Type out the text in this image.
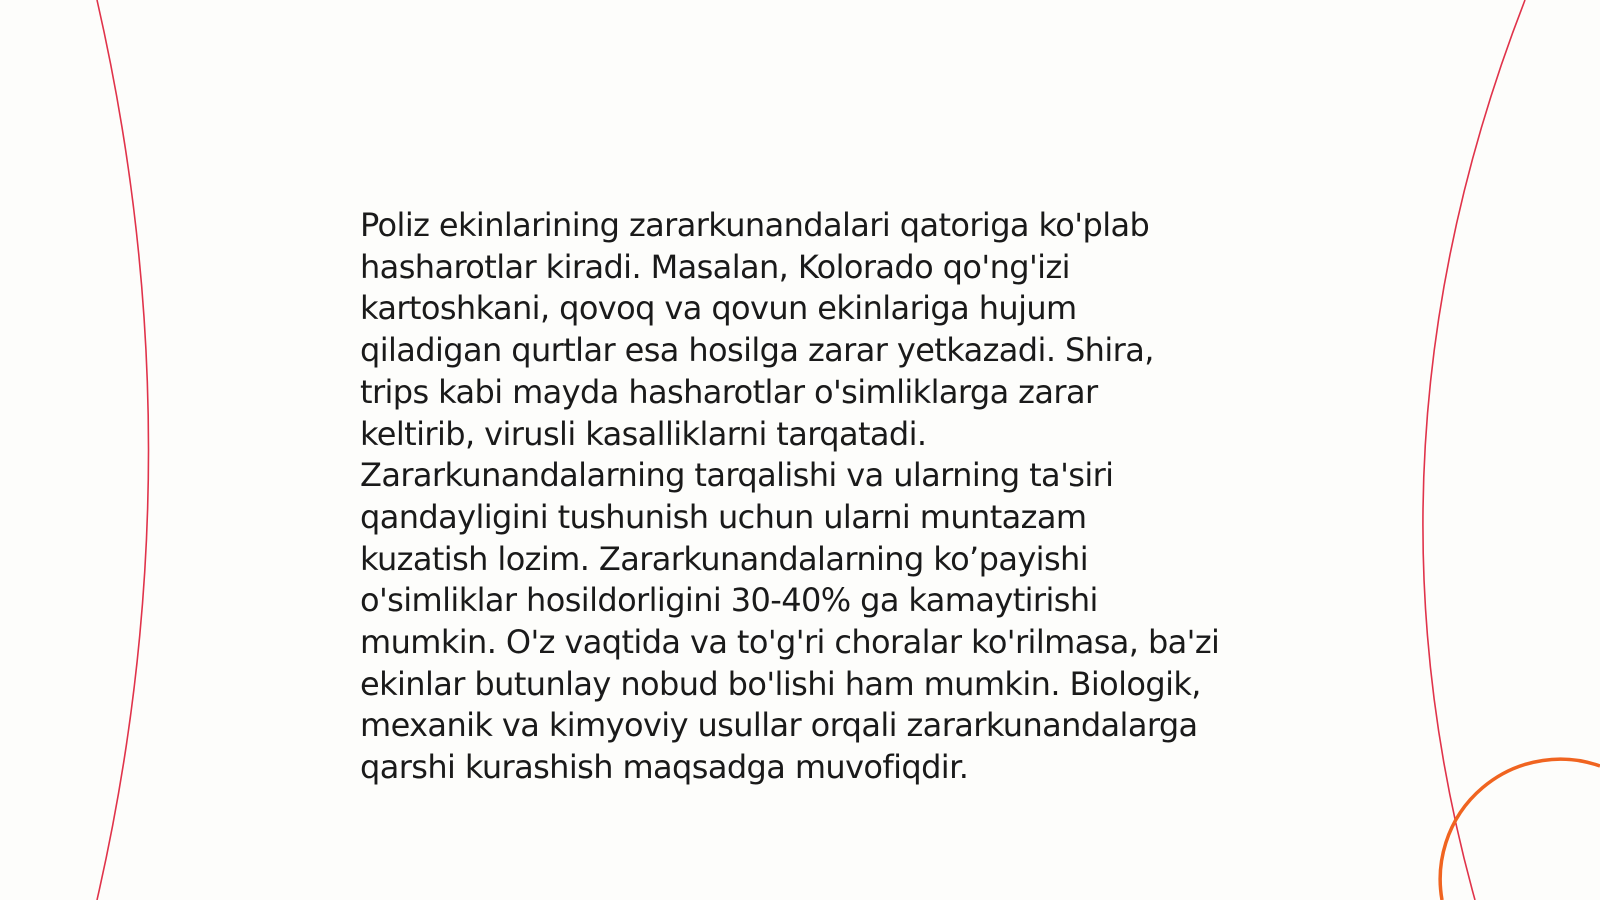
Poliz ekinlarining zararkunandalari qatoriga ko'plab hasharotlar kiradi. Masalan, Kolorado qo'ng'izi kartoshkani, qovoq va qovun ekinlariga hujum qiladigan qurtlar esa hosilga zarar yetkazadi. Shira, trips kabi mayda hasharotlar o'simliklarga zarar keltirib, virusli kasalliklarni tarqatadi. Zararkunandalarning tarqalishi va ularning ta'siri qandayligini tushunish uchun ularni muntazam kuzatish lozim. Zararkunandalarning ko’payishi o'simliklar hosildorligini 30-40% ga kamaytirishi mumkin. O'z vaqtida va to'g'ri choralar ko'rilmasa, ba'zi ekinlar butunlay nobud bo'lishi ham mumkin. Biologik, mexanik va kimyoviy usullar orqali zararkunandalarga qarshi kurashish maqsadga muvofiqdir.
